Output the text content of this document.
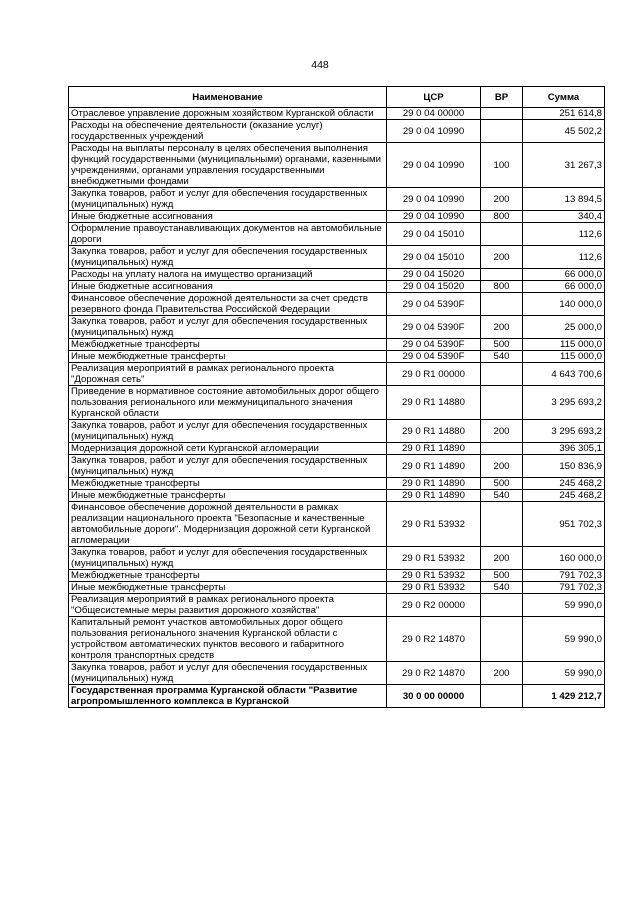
448
Наименование	ЦСР	ВР	Сумма
Отраслевое управление дорожным хозяйством Курганской области	29 0 04 00000		251 614,8
Расходы на обеспечение деятельности (оказание услуг) государственных учреждений	29 0 04 10990		45 502,2
Расходы на выплаты персоналу в целях обеспечения выполнения функций государственными (муниципальными) органами, казенными учреждениями, органами управления государственными внебюджетными фондами	29 0 04 10990	100	31 267,3
Закупка товаров, работ и услуг для обеспечения государственных (муниципальных) нужд	29 0 04 10990	200	13 894,5
Иные бюджетные ассигнования	29 0 04 10990	800	340,4
Оформление правоустанавливающих документов на автомобильные дороги	29 0 04 15010		112,6
Закупка товаров, работ и услуг для обеспечения государственных (муниципальных) нужд	29 0 04 15010	200	112,6
Расходы на уплату налога на имущество организаций	29 0 04 15020		66 000,0
Иные бюджетные ассигнования	29 0 04 15020	800	66 000,0
Финансовое обеспечение дорожной деятельности за счет средств резервного фонда Правительства Российской Федерации	29 0 04 5390F		140 000,0
Закупка товаров, работ и услуг для обеспечения государственных (муниципальных) нужд	29 0 04 5390F	200	25 000,0
Межбюджетные трансферты	29 0 04 5390F	500	115 000,0
Иные межбюджетные трансферты	29 0 04 5390F	540	115 000,0
Реализация мероприятий в рамках регионального проекта "Дорожная сеть"	29 0 R1 00000		4 643 700,6
Приведение в нормативное состояние автомобильных дорог общего пользования регионального или межмуниципального значения Курганской области	29 0 R1 14880		3 295 693,2
Закупка товаров, работ и услуг для обеспечения государственных (муниципальных) нужд	29 0 R1 14880	200	3 295 693,2
Модернизация дорожной сети Курганской агломерации	29 0 R1 14890		396 305,1
Закупка товаров, работ и услуг для обеспечения государственных (муниципальных) нужд	29 0 R1 14890	200	150 836,9
Межбюджетные трансферты	29 0 R1 14890	500	245 468,2
Иные межбюджетные трансферты	29 0 R1 14890	540	245 468,2
Финансовое обеспечение дорожной деятельности в рамках реализации национального проекта "Безопасные и качественные автомобильные дороги". Модернизация дорожной сети Курганской агломерации	29 0 R1 53932		951 702,3
Закупка товаров, работ и услуг для обеспечения государственных (муниципальных) нужд	29 0 R1 53932	200	160 000,0
Межбюджетные трансферты	29 0 R1 53932	500	791 702,3
Иные межбюджетные трансферты	29 0 R1 53932	540	791 702,3
Реализация мероприятий в рамках регионального проекта "Общесистемные меры развития дорожного хозяйства"	29 0 R2 00000		59 990,0
Капитальный ремонт участков автомобильных дорог общего пользования регионального значения Курганской области с устройством автоматических пунктов весового и габаритного контроля транспортных средств	29 0 R2 14870		59 990,0
Закупка товаров, работ и услуг для обеспечения государственных (муниципальных) нужд	29 0 R2 14870	200	59 990,0
Государственная программа Курганской области "Развитие агропромышленного комплекса в Курганской	30 0 00 00000		1 429 212,7
